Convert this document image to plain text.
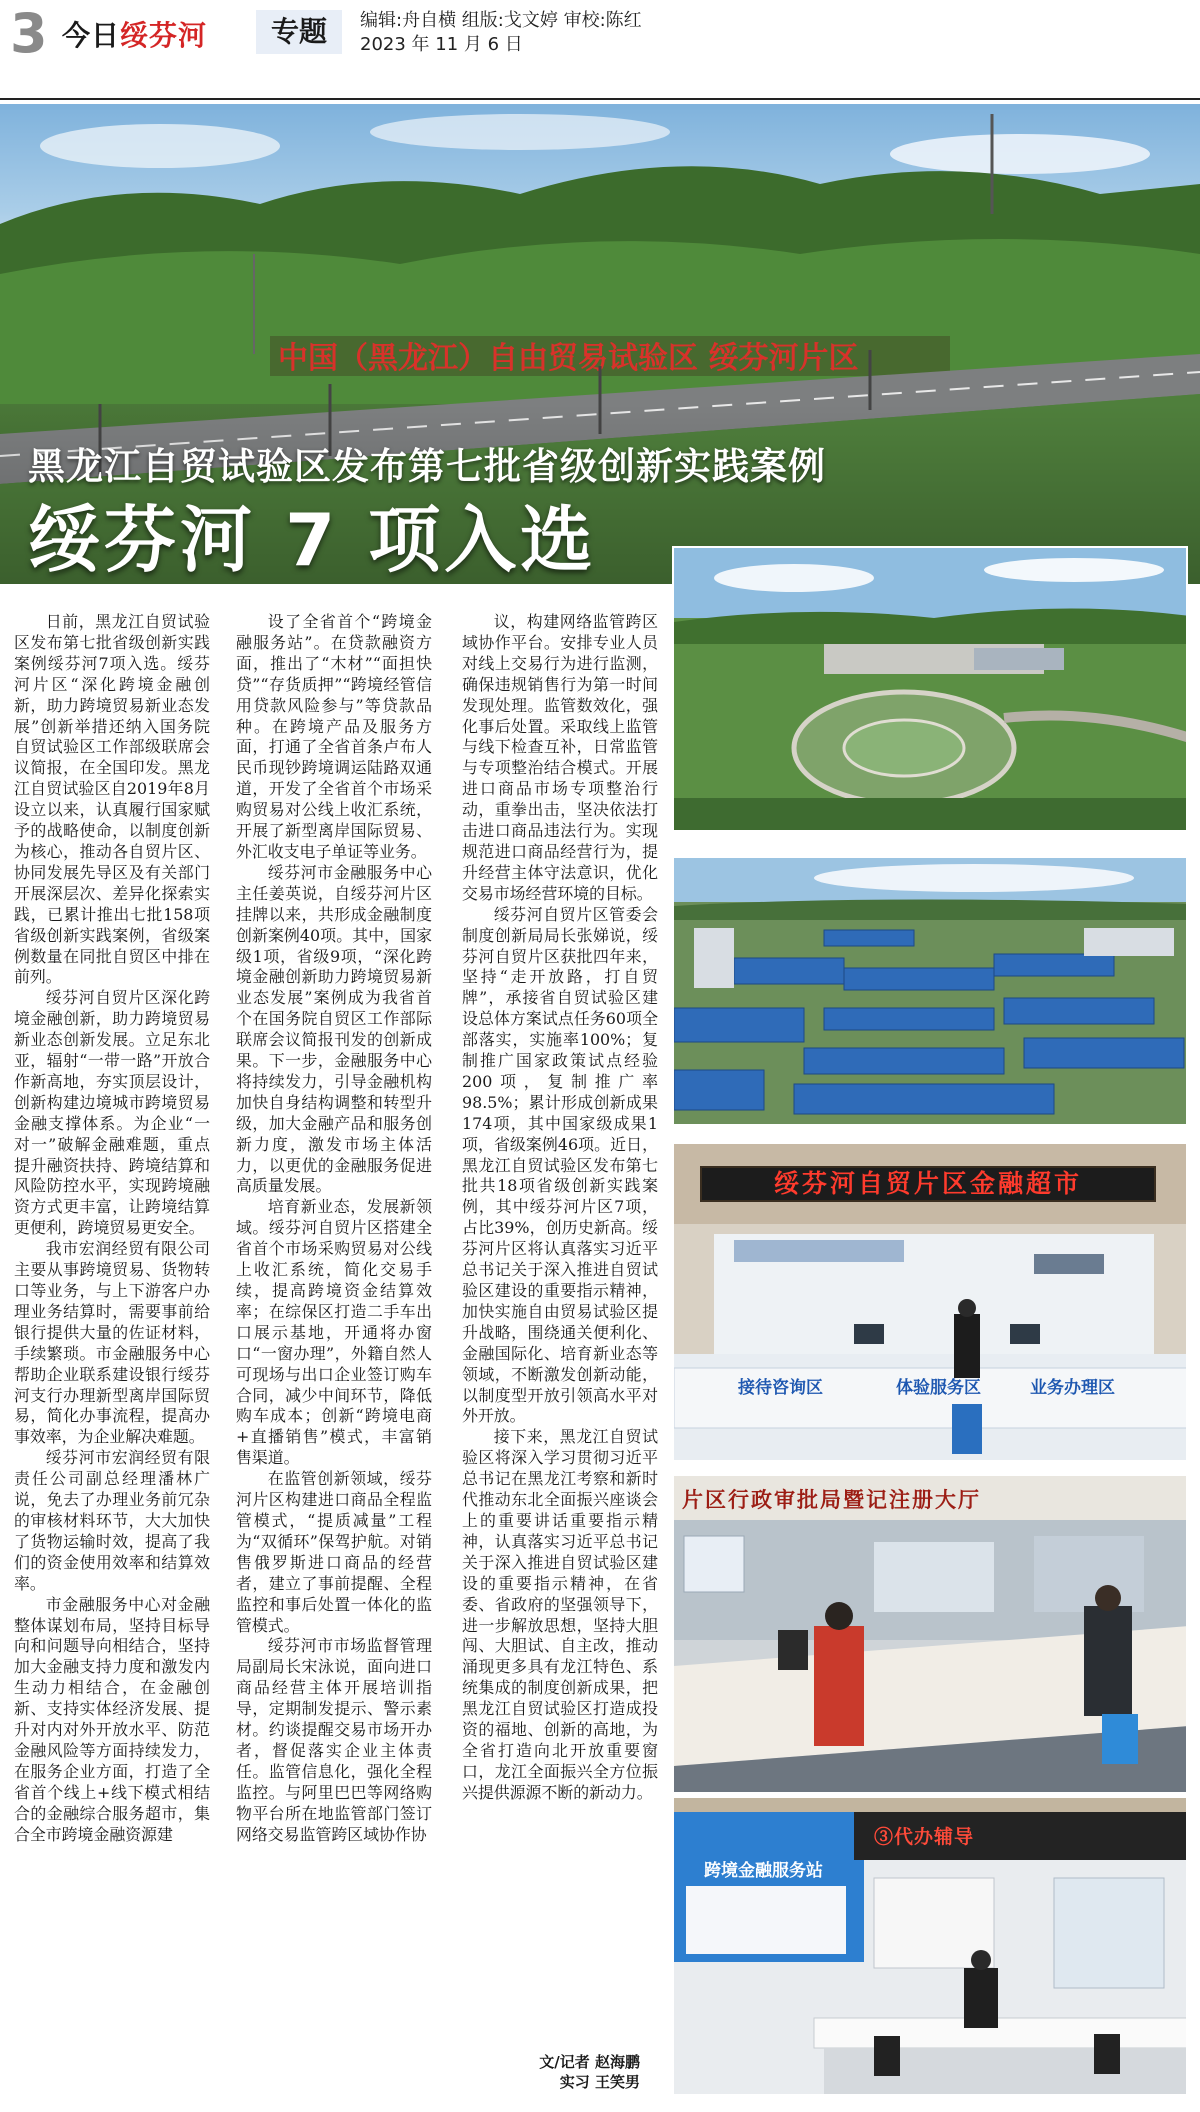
3 今日绥芬河	专题	编辑:舟自横 组版:戈文婷 审校:陈红
2023 年 11 月 6 日
中国（黑龙江）自由贸易试验区 绥芬河片区
黑龙江自贸试验区发布第七批省级创新实践案例
绥芬河 7 项入选

日前，黑龙江自贸试验区发布第七批省级创新实践案例绥芬河7项入选。绥芬河片区“深化跨境金融创新，助力跨境贸易新业态发展”创新举措还纳入国务院自贸试验区工作部级联席会议简报，在全国印发。黑龙江自贸试验区自2019年8月设立以来，认真履行国家赋予的战略使命，以制度创新为核心，推动各自贸片区、协同发展先导区及有关部门开展深层次、差异化探索实践，已累计推出七批158项省级创新实践案例，省级案例数量在同批自贸区中排在前列。

绥芬河自贸片区深化跨境金融创新，助力跨境贸易新业态创新发展。立足东北亚，辐射“一带一路”开放合作新高地，夯实顶层设计，创新构建边境城市跨境贸易金融支撑体系。为企业“一对一”破解金融难题，重点提升融资扶持、跨境结算和风险防控水平，实现跨境融资方式更丰富，让跨境结算更便利，跨境贸易更安全。

我市宏润经贸有限公司主要从事跨境贸易、货物转口等业务，与上下游客户办理业务结算时，需要事前给银行提供大量的佐证材料，手续繁琐。市金融服务中心帮助企业联系建设银行绥芬河支行办理新型离岸国际贸易，简化办事流程，提高办事效率，为企业解决难题。

绥芬河市宏润经贸有限责任公司副总经理潘林广说，免去了办理业务前冗杂的审核材料环节，大大加快了货物运输时效，提高了我们的资金使用效率和结算效率。

市金融服务中心对金融整体谋划布局，坚持目标导向和问题导向相结合，坚持加大金融支持力度和激发内生动力相结合，在金融创新、支持实体经济发展、提升对内对外开放水平、防范金融风险等方面持续发力，在服务企业方面，打造了全省首个线上+线下模式相结合的金融综合服务超市，集合全市跨境金融资源建

设了全省首个“跨境金融服务站”。在贷款融资方面，推出了“木材”“面担快贷”“存货质押”“跨境经管信用贷款风险参与”等贷款品种。在跨境产品及服务方面，打通了全省首条卢布人民币现钞跨境调运陆路双通道，开发了全省首个市场采购贸易对公线上收汇系统，开展了新型离岸国际贸易、外汇收支电子单证等业务。

绥芬河市金融服务中心主任姜英说，自绥芬河片区挂牌以来，共形成金融制度创新案例40项。其中，国家级1项，省级9项，“深化跨境金融创新助力跨境贸易新业态发展”案例成为我省首个在国务院自贸区工作部际联席会议简报刊发的创新成果。下一步，金融服务中心将持续发力，引导金融机构加快自身结构调整和转型升级，加大金融产品和服务创新力度，激发市场主体活力，以更优的金融服务促进高质量发展。

培育新业态，发展新领域。绥芬河自贸片区搭建全省首个市场采购贸易对公线上收汇系统，简化交易手续，提高跨境资金结算效率；在综保区打造二手车出口展示基地，开通将办窗口“一窗办理”，外籍自然人可现场与出口企业签订购车合同，减少中间环节，降低购车成本；创新“跨境电商+直播销售”模式，丰富销售渠道。

在监管创新领域，绥芬河片区构建进口商品全程监管模式，“提质减量”工程为“双循环”保驾护航。对销售俄罗斯进口商品的经营者，建立了事前提醒、全程监控和事后处置一体化的监管模式。

绥芬河市市场监督管理局副局长宋泳说，面向进口商品经营主体开展培训指导，定期制发提示、警示素材。约谈提醒交易市场开办者，督促落实企业主体责任。监管信息化，强化全程监控。与阿里巴巴等网络购物平台所在地监管部门签订网络交易监管跨区域协作协

议，构建网络监管跨区域协作平台。安排专业人员对线上交易行为进行监测，确保违规销售行为第一时间发现处理。监管数效化，强化事后处置。采取线上监管与线下检查互补，日常监管与专项整治结合模式。开展进口商品市场专项整治行动，重拳出击，坚决依法打击进口商品违法行为。实现规范进口商品经营行为，提升经营主体守法意识，优化交易市场经营环境的目标。

绥芬河自贸片区管委会制度创新局局长张娣说，绥芬河自贸片区获批四年来，坚持“走开放路，打自贸牌”，承接省自贸试验区建设总体方案试点任务60项全部落实，实施率100%；复制推广国家政策试点经验200项，复制推广率98.5%；累计形成创新成果174项，其中国家级成果1项，省级案例46项。近日，黑龙江自贸试验区发布第七批共18项省级创新实践案例，其中绥芬河片区7项，占比39%，创历史新高。绥芬河片区将认真落实习近平总书记关于深入推进自贸试验区建设的重要指示精神，加快实施自由贸易试验区提升战略，围绕通关便利化、金融国际化、培育新业态等领域，不断激发创新动能，以制度型开放引领高水平对外开放。

接下来，黑龙江自贸试验区将深入学习贯彻习近平总书记在黑龙江考察和新时代推动东北全面振兴座谈会上的重要讲话重要指示精神，认真落实习近平总书记关于深入推进自贸试验区建设的重要指示精神，在省委、省政府的坚强领导下，进一步解放思想，坚持大胆闯、大胆试、自主改，推动涌现更多具有龙江特色、系统集成的制度创新成果，把黑龙江自贸试验区打造成投资的福地、创新的高地，为全省打造向北开放重要窗口，龙江全面振兴全方位振兴提供源源不断的新动力。

文/记者 赵海鹏
实习 王笑男
绥芬河自贸片区金融超市
接待咨询区	体验服务区	业务办理区
片区行政审批局暨记注册大厅
跨境金融服务站
③代办辅导
